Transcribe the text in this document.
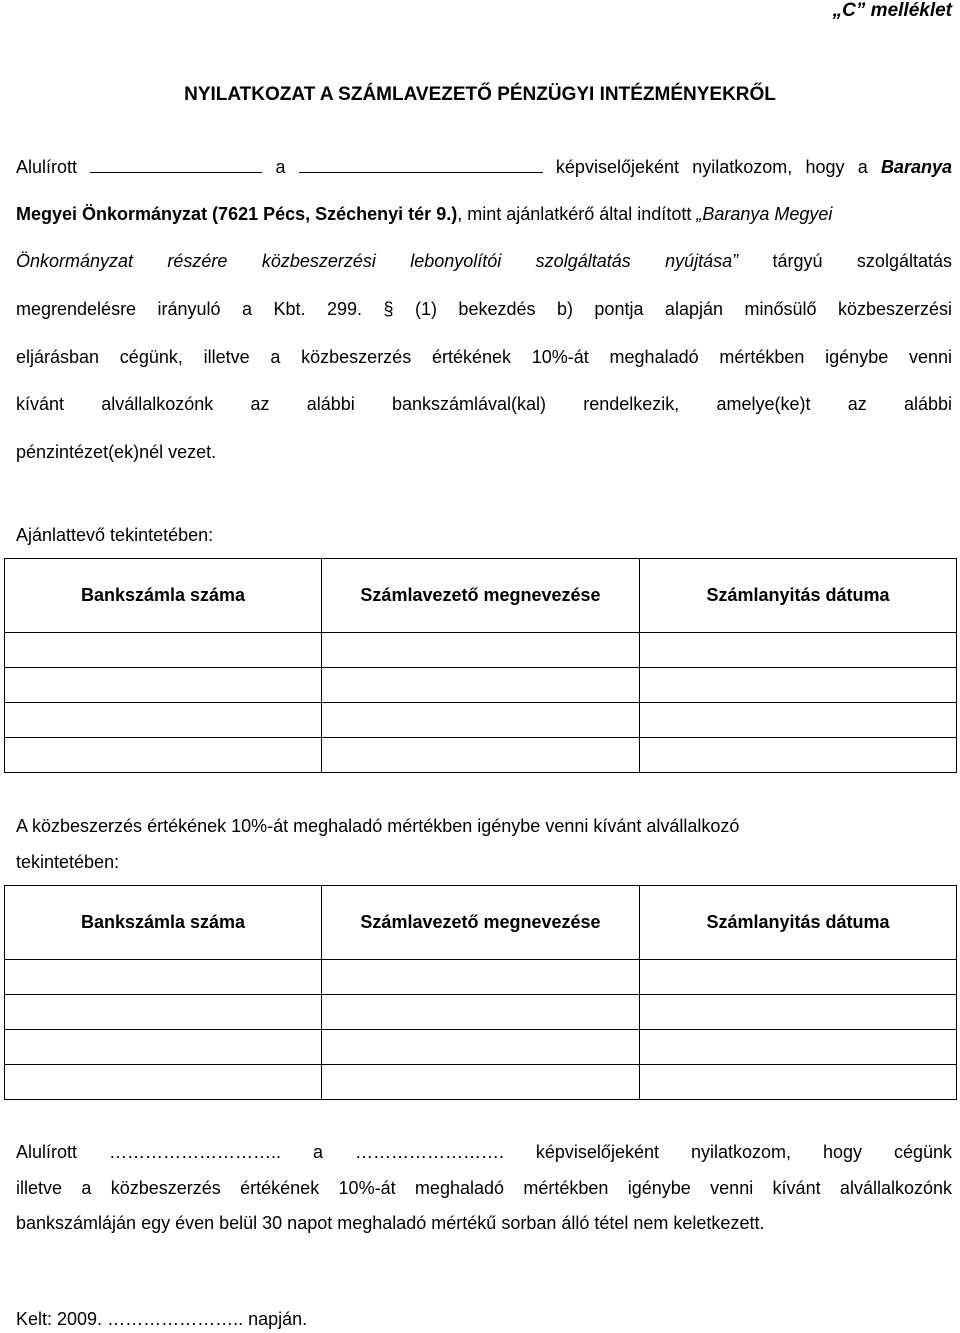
„C” melléklet
NYILATKOZAT A SZÁMLAVEZETŐ PÉNZÜGYI INTÉZMÉNYEKRŐL
Alulírott	a	képviselőjeként nyilatkozom, hogy a Baranya
Megyei Önkormányzat (7621 Pécs, Széchenyi tér 9.), mint ajánlatkérő által indított „Baranya Megyei
Önkormányzat részére közbeszerzési lebonyolítói szolgáltatás nyújtása” tárgyú szolgáltatás
megrendelésre irányuló a Kbt. 299. § (1) bekezdés b) pontja alapján minősülő közbeszerzési
eljárásban cégünk, illetve a közbeszerzés értékének 10%-át meghaladó mértékben igénybe venni
kívánt alvállalkozónk az alábbi bankszámlával(kal) rendelkezik, amelye(ke)t az alábbi
pénzintézet(ek)nél vezet.
Ajánlattevő tekintetében:
Bankszámla száma	Számlavezető megnevezése	Számlanyitás dátuma

A közbeszerzés értékének 10%-át meghaladó mértékben igénybe venni kívánt alvállalkozó
tekintetében:
Bankszámla száma	Számlavezető megnevezése	Számlanyitás dátuma

Alulírott ……………………….. a ……………………. képviselőjeként nyilatkozom, hogy cégünk
illetve a közbeszerzés értékének 10%-át meghaladó mértékben igénybe venni kívánt alvállalkozónk
bankszámláján egy éven belül 30 napot meghaladó mértékű sorban álló tétel nem keletkezett.
Kelt: 2009. ………………….. napján.
